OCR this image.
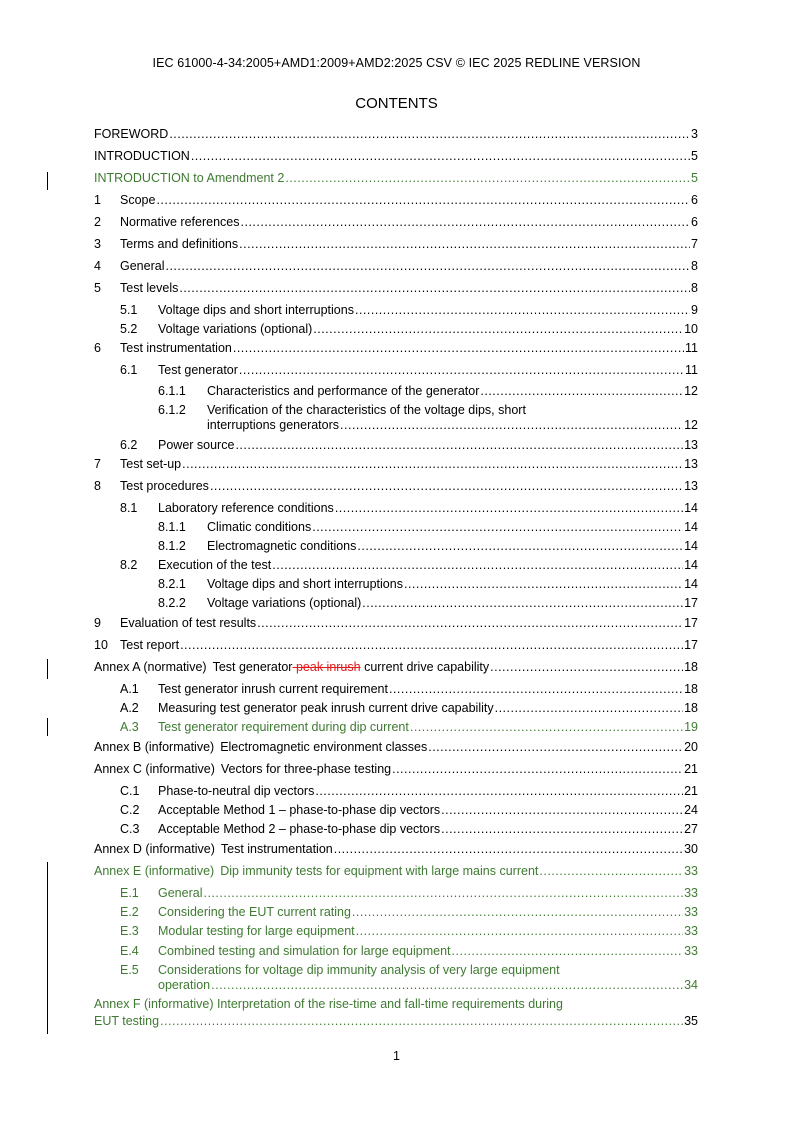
IEC 61000-4-34:2005+AMD1:2009+AMD2:2025 CSV © IEC 2025 REDLINE VERSION
CONTENTS
FOREWORD .....	3
INTRODUCTION .....	5
INTRODUCTION to Amendment 2 .....	5
1	Scope .....	6
2	Normative references .....	6
3	Terms and definitions .....	7
4	General .....	8
5	Test levels .....	8
5.1	Voltage dips and short interruptions .....	9
5.2	Voltage variations (optional) .....	10
6	Test instrumentation .....	11
6.1	Test generator .....	11
6.1.1	Characteristics and performance of the generator .....	12
6.1.2 Verification of the characteristics of the voltage dips, short
interruptions generators .....	12
6.2	Power source .....	13
7	Test set-up .....	13
8	Test procedures .....	13
8.1	Laboratory reference conditions .....	14
8.1.1	Climatic conditions .....	14
8.1.2	Electromagnetic conditions .....	14
8.2	Execution of the test .....	14
8.2.1	Voltage dips and short interruptions .....	14
8.2.2	Voltage variations (optional) .....	17
9	Evaluation of test results .....	17
10 Test report .....	17
Annex A (normative) Test generator peak inrush current drive capability .....	18
A.1	Test generator inrush current requirement .....	18
A.2	Measuring test generator peak inrush current drive capability .....	18
A.3	Test generator requirement during dip current .....	19
Annex B (informative) Electromagnetic environment classes .....	20
Annex C (informative) Vectors for three-phase testing .....	21
C.1	Phase-to-neutral dip vectors .....	21
C.2	Acceptable Method 1 – phase-to-phase dip vectors .....	24
C.3	Acceptable Method 2 – phase-to-phase dip vectors .....	27
Annex D (informative) Test instrumentation .....	30
Annex E (informative) Dip immunity tests for equipment with large mains current .....	33
E.1	General .....	33
E.2	Considering the EUT current rating .....	33
E.3	Modular testing for large equipment .....	33
E.4	Combined testing and simulation for large equipment .....	33
E.5 Considerations for voltage dip immunity analysis of very large equipment
operation .....	34
Annex F (informative) Interpretation of the rise-time and fall-time requirements during
EUT testing .....	35
1
